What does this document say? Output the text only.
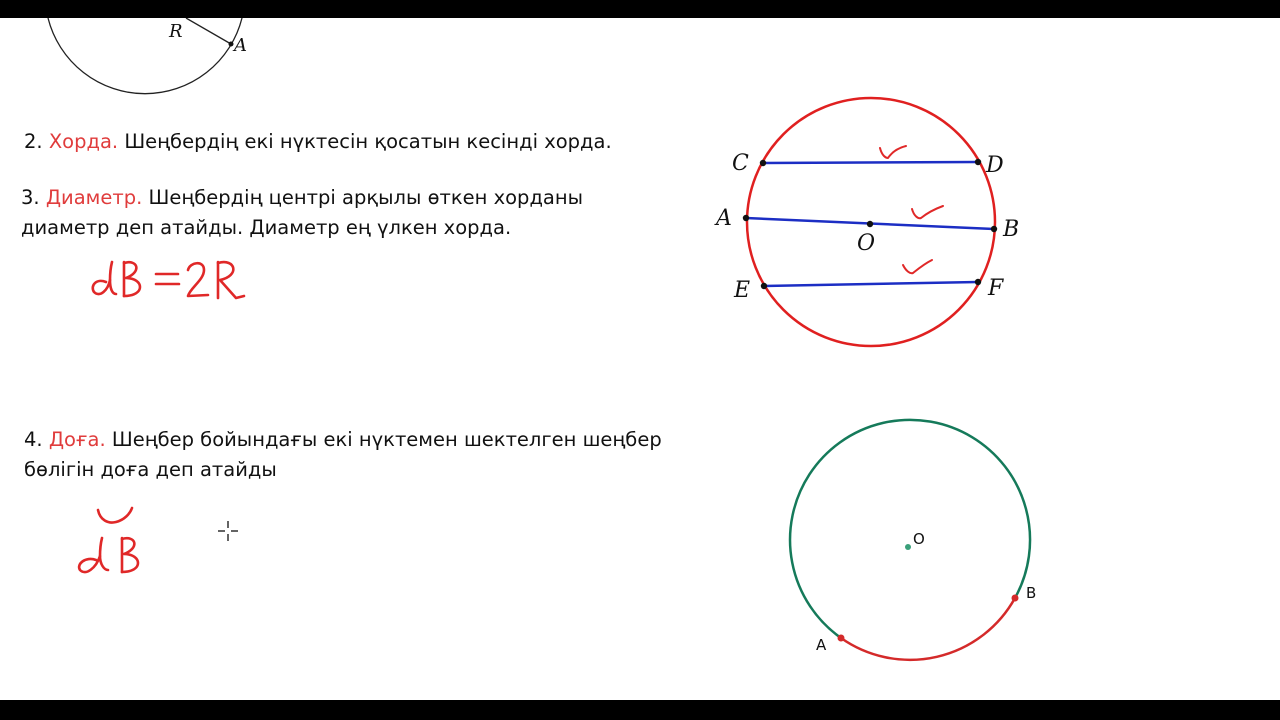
R
A
2. Хорда. Шеңбердің екі нүктесін қосатын кесінді хорда.
3. Диаметр. Шеңбердің центрі арқылы өткен хорданы
диаметр деп атайды. Диаметр ең үлкен хорда.
4. Доға. Шеңбер бойындағы екі нүктемен шектелген шеңбер
бөлігін доға деп атайды
C	D
A	B
O
E	F
O
B
A
